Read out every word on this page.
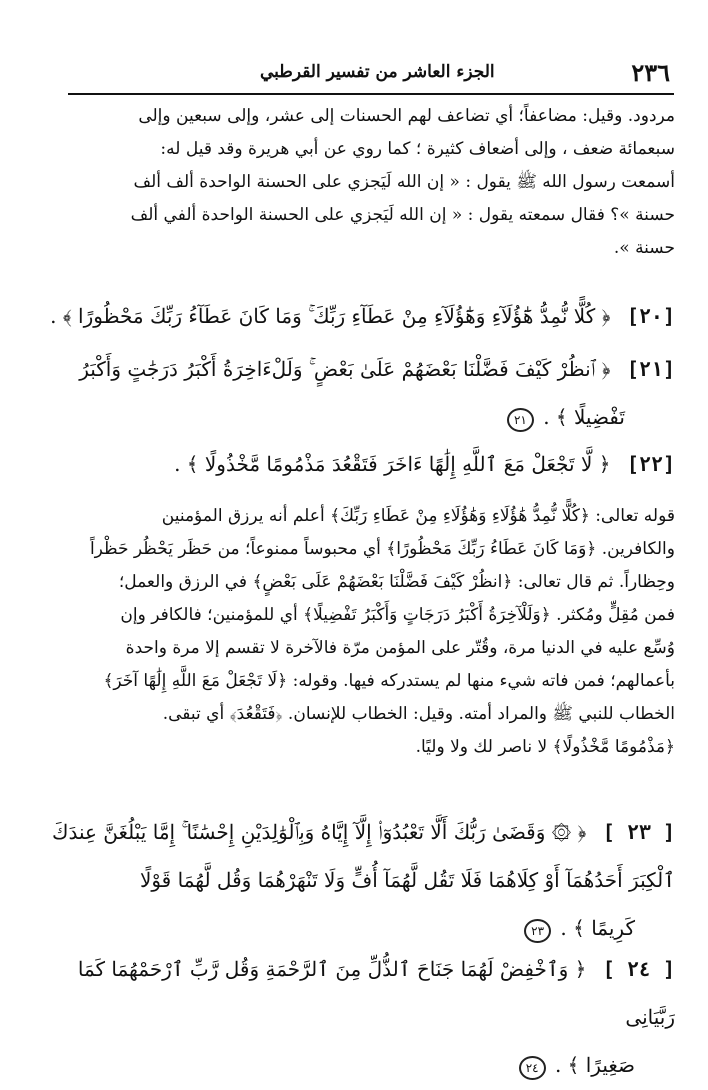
٢٣٦
الجزء العاشر من تفسير القرطبي

مردود. وقيل: مضاعفاً؛ أي تضاعف لهم الحسنات إلى عشر، وإلى سبعين وإلى

سبعمائة ضعف ، وإلى أضعاف كثيرة ؛ كما روي عن أبي هريرة وقد قيل له:

أسمعت رسول الله ﷺ يقول : « إن الله لَيَجزي على الحسنة الواحدة ألف ألف

حسنة »؟ فقال سمعته يقول : « إن الله لَيَجزي على الحسنة الواحدة ألفي ألف

حسنة ».

[٢٠] ﴿ كُلًّا نُّمِدُّ هَٰٓؤُلَآءِ وَهَٰٓؤُلَآءِ مِنْ عَطَآءِ رَبِّكَ ۚ وَمَا كَانَ عَطَآءُ رَبِّكَ مَحْظُورًا ﴾ .
[٢١] ﴿ ٱنظُرْ كَيْفَ فَضَّلْنَا بَعْضَهُمْ عَلَىٰ بَعْضٍ ۚ وَلَلْءَاخِرَةُ أَكْبَرُ دَرَجَٰتٍ وَأَكْبَرُ
تَفْضِيلًا ﴾ . ٢١
[٢٢] ﴿ لَّا تَجْعَلْ مَعَ ٱللَّهِ إِلَٰهًا ءَاخَرَ فَتَقْعُدَ مَذْمُومًا مَّخْذُولًا ﴾ .

قوله تعالى: ﴿كُلًّا نُّمِدُّ هَٰؤُلَاءِ وَهَٰؤُلَاءِ مِنْ عَطَاءِ رَبِّكَ﴾ أعلم أنه يرزق المؤمنين

والكافرين. ﴿وَمَا كَانَ عَطَاءُ رَبِّكَ مَحْظُورًا﴾ أي محبوساً ممنوعاً؛ من حَظَر يَحْظُر حَظْراً

وحِظاراً. ثم قال تعالى: ﴿انظُرْ كَيْفَ فَضَّلْنَا بَعْضَهُمْ عَلَى بَعْضٍ﴾ في الرزق والعمل؛

فمن مُقِلٍّ ومُكثر. ﴿وَلَلْآخِرَةُ أَكْبَرُ دَرَجَاتٍ وَأَكْبَرُ تَفْضِيلًا﴾ أي للمؤمنين؛ فالكافر وإن

وُسِّع عليه في الدنيا مرة، وقُتّر على المؤمن مرّة فالآخرة لا تقسم إلا مرة واحدة

بأعمالهم؛ فمن فاته شيء منها لم يستدركه فيها. وقوله: ﴿لَا تَجْعَلْ مَعَ اللَّهِ إِلَٰهًا آخَرَ﴾

الخطاب للنبي ﷺ والمراد أمته. وقيل: الخطاب للإنسان. ﴿فَتَقْعُدَ﴾ أي تبقى.

﴿مَذْمُومًا مَّخْذُولًا﴾ لا ناصر لك ولا وليًا.

[ ٢٣ ] ﴿ ۞ وَقَضَىٰ رَبُّكَ أَلَّا تَعْبُدُوٓا۟ إِلَّآ إِيَّاهُ وَبِٱلْوَٰلِدَيْنِ إِحْسَٰنًا ۚ إِمَّا يَبْلُغَنَّ عِندَكَ
ٱلْكِبَرَ أَحَدُهُمَآ أَوْ كِلَاهُمَا فَلَا تَقُل لَّهُمَآ أُفٍّ وَلَا تَنْهَرْهُمَا وَقُل لَّهُمَا قَوْلًا
كَرِيمًا ﴾ . ٢٣
[ ٢٤ ] ﴿ وَٱخْفِضْ لَهُمَا جَنَاحَ ٱلذُّلِّ مِنَ ٱلرَّحْمَةِ وَقُل رَّبِّ ٱرْحَمْهُمَا كَمَا رَبَّيَانِى
صَغِيرًا ﴾ . ٢٤
